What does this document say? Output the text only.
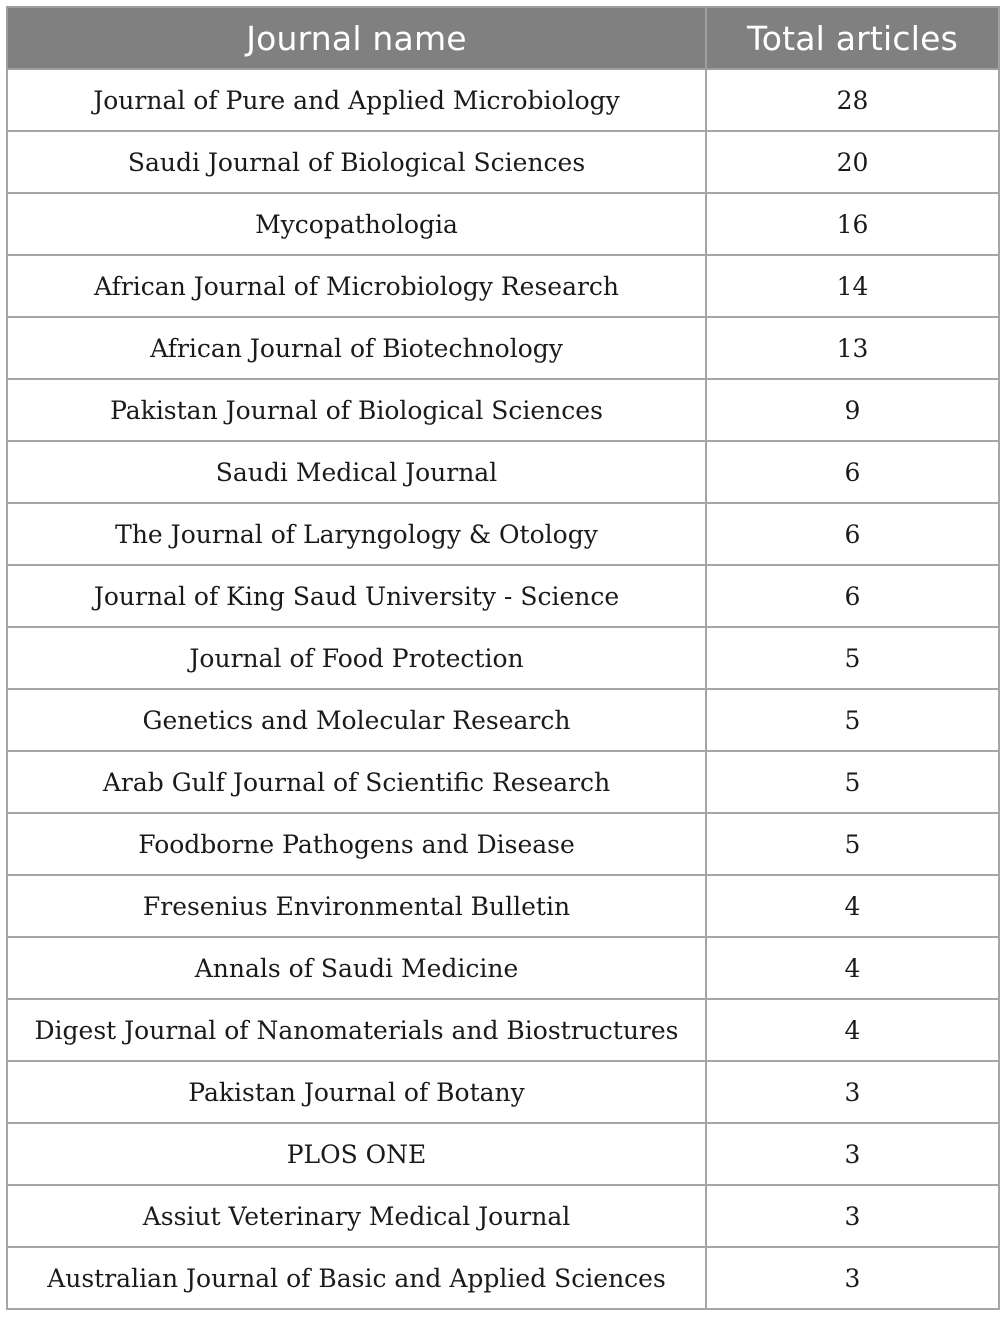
Journal name	Total articles
Journal of Pure and Applied Microbiology	28
Saudi Journal of Biological Sciences	20
Mycopathologia	16
African Journal of Microbiology Research	14
African Journal of Biotechnology	13
Pakistan Journal of Biological Sciences	9
Saudi Medical Journal	6
The Journal of Laryngology & Otology	6
Journal of King Saud University - Science	6
Journal of Food Protection	5
Genetics and Molecular Research	5
Arab Gulf Journal of Scientific Research	5
Foodborne Pathogens and Disease	5
Fresenius Environmental Bulletin	4
Annals of Saudi Medicine	4
Digest Journal of Nanomaterials and Biostructures	4
Pakistan Journal of Botany	3
PLOS ONE	3
Assiut Veterinary Medical Journal	3
Australian Journal of Basic and Applied Sciences	3
